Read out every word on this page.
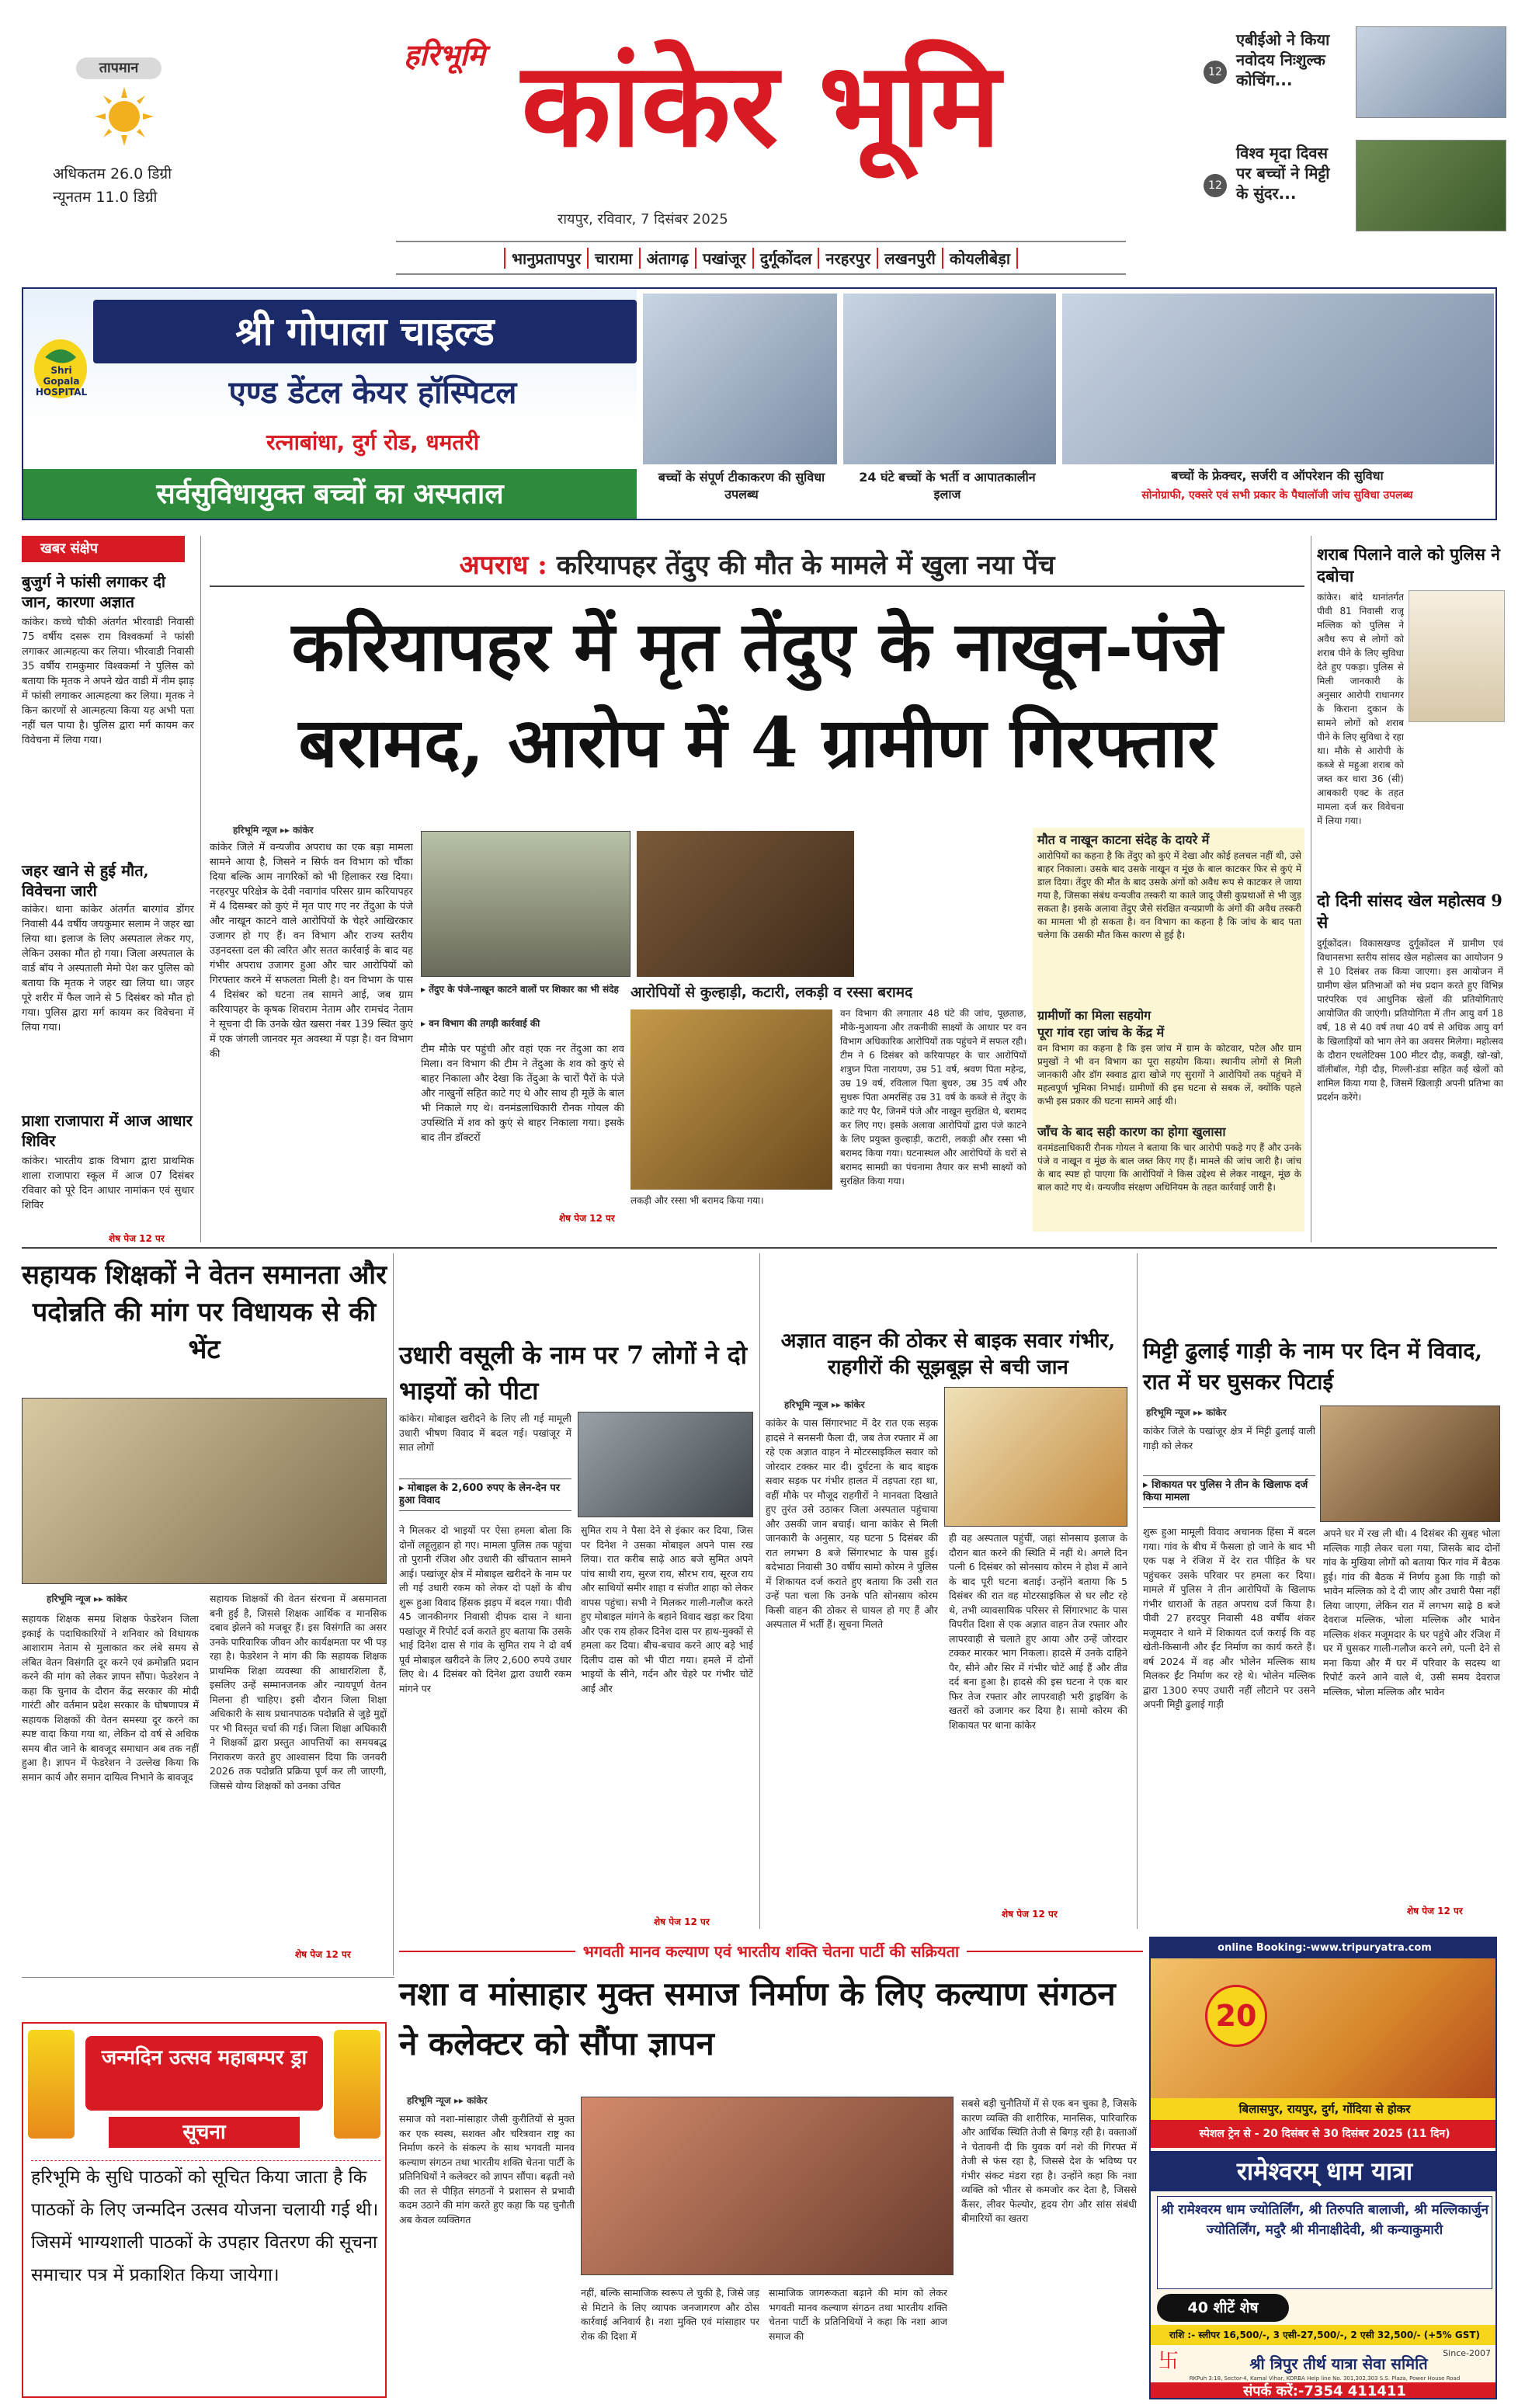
तापमान
अधिकतम 26.0 डिग्री
न्यूनतम 11.0 डिग्री
हरिभूमि कांकेर भूमि
रायपुर, रविवार, 7 दिसंबर 2025
12
एबीईओ ने किया नवोदय निःशुल्क कोचिंग...
12
विश्व मृदा दिवस पर बच्चों ने मिट्टी के सुंदर...
भानुप्रतापपुर चारामा अंतागढ़ पखांजूर दुर्गूकोंदल नरहरपुर लखनपुरी कोयलीबेड़ा
Shri Gopala HOSPITAL
श्री गोपाला चाइल्ड
एण्ड डेंटल केयर हॉस्पिटल
रत्नाबांधा, दुर्ग रोड, धमतरी
सर्वसुविधायुक्त बच्चों का अस्पताल
बच्चों के संपूर्ण टीकाकरण की सुविधा उपलब्ध
24 घंटे बच्चों के भर्ती व आपातकालीन इलाज
बच्चों के फ्रेक्चर, सर्जरी व ऑपरेशन की सुविधा
सोनोग्राफी, एक्सरे एवं सभी प्रकार के पैथालॉजी जांच सुविधा उपलब्ध
खबर संक्षेप
बुजुर्ग ने फांसी लगाकर दी जान, कारणा अज्ञात
कांकेर। कच्चे चौकी अंतर्गत भीरवाडी निवासी 75 वर्षीय दसरू राम विश्वकर्मा ने फांसी लगाकर आत्महत्या कर लिया। भीरवाडी निवासी 35 वर्षीय रामकुमार विश्वकर्मा ने पुलिस को बताया कि मृतक ने अपने खेत वाडी में नीम झाड़ में फांसी लगाकर आत्महत्या कर लिया। मृतक ने किन कारणों से आत्महत्या किया यह अभी पता नहीं चल पाया है। पुलिस द्वारा मर्ग कायम कर विवेचना में लिया गया।
जहर खाने से हुई मौत, विवेचना जारी
कांकेर। थाना कांकेर अंतर्गत बारगांव डोंगर निवासी 44 वर्षीय जयकुमार सलाम ने जहर खा लिया था। इलाज के लिए अस्पताल लेकर गए, लेकिन उसका मौत हो गया। जिला अस्पताल के वार्ड बॉय ने अस्पताली मेमो पेश कर पुलिस को बताया कि मृतक ने जहर खा लिया था। जहर पूरे शरीर में फैल जाने से 5 दिसंबर को मौत हो गया। पुलिस द्वारा मर्ग कायम कर विवेचना में लिया गया।
प्राशा राजापारा में आज आधार शिविर
कांकेर। भारतीय डाक विभाग द्वारा प्राथमिक शाला राजापारा स्कूल में आज 07 दिसंबर रविवार को पूरे दिन आधार नामांकन एवं सुधार शिविर
शेष पेज 12 पर
अपराध : करियापहर तेंदुए की मौत के मामले में खुला नया पेंच
करियापहर में मृत तेंदुए के नाखून-पंजे बरामद, आरोप में 4 ग्रामीण गिरफ्तार
हरिभूमि न्यूज ▸▸ कांकेर
कांकेर जिले में वन्यजीव अपराध का एक बड़ा मामला सामने आया है, जिसने न सिर्फ वन विभाग को चौंका दिया बल्कि आम नागरिकों को भी हिलाकर रख दिया। नरहरपुर परिक्षेत्र के देवी नवागांव परिसर ग्राम करियापहर में 4 दिसम्बर को कुएं में मृत पाए गए नर तेंदुआ के पंजे और नाखून काटने वाले आरोपियों के चेहरे आखिरकार उजागर हो गए हैं। वन विभाग और राज्य स्तरीय उड़नदस्ता दल की त्वरित और सतत कार्रवाई के बाद यह गंभीर अपराध उजागर हुआ और चार आरोपियों को गिरफ्तार करने में सफलता मिली है। वन विभाग के पास 4 दिसंबर को घटना तब सामने आई, जब ग्राम करियापहर के कृषक शिवराम नेताम और रामचंद नेताम ने सूचना दी कि उनके खेत खसरा नंबर 139 स्थित कुएं में एक जंगली जानवर मृत अवस्था में पड़ा है। वन विभाग की
▸ तेंदुए के पंजे-नाखून काटने वालों पर शिकार का भी संदेह
▸ वन विभाग की तगड़ी कार्रवाई की
टीम मौके पर पहुंची और वहां एक नर तेंदुआ का शव मिला। वन विभाग की टीम ने तेंदुआ के शव को कुएं से बाहर निकाला और देखा कि तेंदुआ के चारों पैरों के पंजे और नाखुनों सहित काटे गए थे और साथ ही मूछें के बाल भी निकाले गए थे। वनमंडलाधिकारी रौनक गोयल की उपस्थिति में शव को कुएं से बाहर निकाला गया। इसके बाद तीन डॉक्टरों
शेष पेज 12 पर
आरोपियों से कुल्हाड़ी, कटारी, लकड़ी व रस्सा बरामद
वन विभाग की लगातार 48 घंटे की जांच, पूछताछ, मौके-मुआयना और तकनीकी साक्ष्यों के आधार पर वन विभाग अधिकारिक आरोपियों तक पहुंचने में सफल रही। टीम ने 6 दिसंबर को करियापहर के चार आरोपियों शत्रुघ्न पिता नारायण, उम्र 51 वर्ष, श्रवण पिता महेन्द्र, उम्र 19 वर्ष, रविलाल पिता बुधरु, उम्र 35 वर्ष और सुधरू पिता अमरसिंह उम्र 31 वर्ष के कब्जे से तेंदुए के काटे गए पैर, जिनमें पंजे और नाखून सुरक्षित थे, बरामद कर लिए गए। इसके अलावा आरोपियों द्वारा पंजे काटने के लिए प्रयुक्त कुल्हाड़ी, कटारी, लकड़ी और रस्सा भी बरामद किया गया। घटनास्थल और आरोपियों के घरों से बरामद सामग्री का पंचनामा तैयार कर सभी साक्ष्यों को सुरक्षित किया गया।
लकड़ी और रस्सा भी बरामद किया गया।
मौत व नाखून काटना संदेह के दायरे में
आरोपियों का कहना है कि तेंदुए को कुएं में देखा और कोई हलचल नहीं थी, उसे बाहर निकाला। उसके बाद उसके नाखून व मूंछ के बाल काटकर फिर से कुएं में डाल दिया। तेंदुए की मौत के बाद उसके अंगों को अवैध रूप से काटकर ले जाया गया है, जिसका संबंध वन्यजीव तस्करी या काले जादू जैसी कुप्रथाओं से भी जुड़ सकता है। इसके अलावा तेंदुए जैसे संरक्षित वन्यप्राणी के अंगों की अवैध तस्करी का मामला भी हो सकता है। वन विभाग का कहना है कि जांच के बाद पता चलेगा कि उसकी मौत किस कारण से हुई है।
ग्रामीणों का मिला सहयोग
पूरा गांव रहा जांच के केंद्र में
वन विभाग का कहना है कि इस जांच में ग्राम के कोटवार, पटेल और ग्राम प्रमुखों ने भी वन विभाग का पूरा सहयोग किया। स्थानीय लोगों से मिली जानकारी और डॉग स्क्वाड द्वारा खोजे गए सुरागों ने आरोपियों तक पहुंचने में महत्वपूर्ण भूमिका निभाई। ग्रामीणों की इस घटना से सबक लें, क्योंकि पहले कभी इस प्रकार की घटना सामने आई थी।
जाँच के बाद सही कारण का होगा खुलासा
वनमंडलाधिकारी रौनक गोयल ने बताया कि चार आरोपी पकड़े गए हैं और उनके पंजे व नाखून व मूंछ के बाल जब्त किए गए हैं। मामले की जांच जारी है। जांच के बाद स्पष्ट हो पाएगा कि आरोपियों ने किस उद्देश्य से लेकर नाखून, मूंछ के बाल काटे गए थे। वन्यजीव संरक्षण अधिनियम के तहत कार्रवाई जारी है।
शराब पिलाने वाले को पुलिस ने दबोचा
कांकेर। बांदे थानांतर्गत पीवी 81 निवासी राजू मल्लिक को पुलिस ने अवैध रूप से लोगों को शराब पीने के लिए सुविधा देते हुए पकड़ा। पुलिस से मिली जानकारी के अनुसार आरोपी राधानगर के किराना दुकान के सामने लोगों को शराब पीने के लिए सुविधा दे रहा था। मौके से आरोपी के कब्जे से महुआ शराब को जब्त कर धारा 36 (सी) आबकारी एक्ट के तहत मामला दर्ज कर विवेचना में लिया गया।
दो दिनी सांसद खेल महोत्सव 9 से
दुर्गूकोंदल। विकासखण्ड दुर्गूकोंदल में ग्रामीण एवं विधानसभा स्तरीय सांसद खेल महोत्सव का आयोजन 9 से 10 दिसंबर तक किया जाएगा। इस आयोजन में ग्रामीण खेल प्रतिभाओं को मंच प्रदान करते हुए विभिन्न पारंपरिक एवं आधुनिक खेलों की प्रतियोगिताएं आयोजित की जाएंगी। प्रतियोगिता में तीन आयु वर्ग 18 वर्ष, 18 से 40 वर्ष तथा 40 वर्ष से अधिक आयु वर्ग के खिलाड़ियों को भाग लेने का अवसर मिलेगा। महोत्सव के दौरान एथलेटिक्स 100 मीटर दौड़, कबड्डी, खो-खो, वॉलीबॉल, गेड़ी दौड़, गिल्ली-डंडा सहित कई खेलों को शामिल किया गया है, जिसमें खिलाड़ी अपनी प्रतिभा का प्रदर्शन करेंगे।
सहायक शिक्षकों ने वेतन समानता और पदोन्नति की मांग पर विधायक से की भेंट
हरिभूमि न्यूज ▸▸ कांकेर
सहायक शिक्षक समग्र शिक्षक फेडरेशन जिला इकाई के पदाधिकारियों ने शनिवार को विधायक आशाराम नेताम से मुलाकात कर लंबे समय से लंबित वेतन विसंगति दूर करने एवं क्रमोन्नति प्रदान करने की मांग को लेकर ज्ञापन सौंपा। फेडरेशन ने कहा कि चुनाव के दौरान केंद्र सरकार की मोदी गारंटी और वर्तमान प्रदेश सरकार के घोषणापत्र में सहायक शिक्षकों की वेतन समस्या दूर करने का स्पष्ट वादा किया गया था, लेकिन दो वर्ष से अधिक समय बीत जाने के बावजूद समाधान अब तक नहीं हुआ है। ज्ञापन में फेडरेशन ने उल्लेख किया कि समान कार्य और समान दायित्व निभाने के बावजूद
सहायक शिक्षकों की वेतन संरचना में असमानता बनी हुई है, जिससे शिक्षक आर्थिक व मानसिक दबाव झेलने को मजबूर हैं। इस विसंगति का असर उनके पारिवारिक जीवन और कार्यक्षमता पर भी पड़ रहा है। फेडरेशन ने मांग की कि सहायक शिक्षक प्राथमिक शिक्षा व्यवस्था की आधारशिला हैं, इसलिए उन्हें सम्मानजनक और न्यायपूर्ण वेतन मिलना ही चाहिए। इसी दौरान जिला शिक्षा अधिकारी के साथ प्रधानपाठक पदोन्नति से जुड़े मुद्दों पर भी विस्तृत चर्चा की गई। जिला शिक्षा अधिकारी ने शिक्षकों द्वारा प्रस्तुत आपत्तियों का समयबद्ध निराकरण करते हुए आश्वासन दिया कि जनवरी 2026 तक पदोन्नति प्रक्रिया पूर्ण कर ली जाएगी, जिससे योग्य शिक्षकों को उनका उचित
शेष पेज 12 पर
उधारी वसूली के नाम पर 7 लोगों ने दो भाइयों को पीटा
कांकेर। मोबाइल खरीदने के लिए ली गई मामूली उधारी भीषण विवाद में बदल गई। पखांजूर में सात लोगों
▸ मोबाइल के 2,600 रुपए के लेन-देन पर हुआ विवाद
ने मिलकर दो भाइयों पर ऐसा हमला बोला कि दोनों लहूलुहान हो गए। मामला पुलिस तक पहुंचा तो पुरानी रंजिश और उधारी की खींचतान सामने आई। पखांजूर क्षेत्र में मोबाइल खरीदने के नाम पर ली गई उधारी रकम को लेकर दो पक्षों के बीच शुरू हुआ विवाद हिंसक झड़प में बदल गया। पीवी 45 जानकीनगर निवासी दीपक दास ने थाना पखांजूर में रिपोर्ट दर्ज कराते हुए बताया कि उसके भाई दिनेश दास से गांव के सुमित राय ने दो वर्ष पूर्व मोबाइल खरीदने के लिए 2,600 रुपये उधार लिए थे। 4 दिसंबर को दिनेश द्वारा उधारी रकम मांगने पर
सुमित राय ने पैसा देने से इंकार कर दिया, जिस पर दिनेश ने उसका मोबाइल अपने पास रख लिया। रात करीब साढ़े आठ बजे सुमित अपने पांच साथी राय, सुरज राय, सौरभ राय, सूरज राय और साथियों समीर शाहा व संजीत शाहा को लेकर वापस पहुंचा। सभी ने मिलकर गाली-गलौज करते हुए मोबाइल मांगने के बहाने विवाद खड़ा कर दिया और एक राय होकर दिनेश दास पर हाथ-मुक्कों से हमला कर दिया। बीच-बचाव करने आए बड़े भाई दिलीप दास को भी पीटा गया। हमले में दोनों भाइयों के सीने, गर्दन और चेहरे पर गंभीर चोटें आईं और
शेष पेज 12 पर
अज्ञात वाहन की ठोकर से बाइक सवार गंभीर, राहगीरों की सूझबूझ से बची जान
हरिभूमि न्यूज ▸▸ कांकेर
कांकेर के पास सिंगारभाट में देर रात एक सड़क हादसे ने सनसनी फैला दी, जब तेज रफ्तार में आ रहे एक अज्ञात वाहन ने मोटरसाइकिल सवार को जोरदार टक्कर मार दी। दुर्घटना के बाद बाइक सवार सड़क पर गंभीर हालत में तड़पता रहा था, वहीं मौके पर मौजूद राहगीरों ने मानवता दिखाते हुए तुरंत उसे उठाकर जिला अस्पताल पहुंचाया और उसकी जान बचाई। थाना कांकेर से मिली जानकारी के अनुसार, यह घटना 5 दिसंबर की रात लगभग 8 बजे सिंगारभाट के पास हुई। बदेभाठा निवासी 30 वर्षीय सामो कोरम ने पुलिस में शिकायत दर्ज कराते हुए बताया कि उसी रात उन्हें पता चला कि उनके पति सोनसाय कोरम किसी वाहन की ठोकर से घायल हो गए हैं और अस्पताल में भर्ती हैं। सूचना मिलते
ही वह अस्पताल पहुंचीं, जहां सोनसाय इलाज के दौरान बात करने की स्थिति में नहीं थे। अगले दिन पत्नी 6 दिसंबर को सोनसाय कोरम ने होश में आने के बाद पूरी घटना बताई। उन्होंने बताया कि 5 दिसंबर की रात वह मोटरसाइकिल से घर लौट रहे थे, तभी व्यावसायिक परिसर से सिंगारभाट के पास विपरीत दिशा से एक अज्ञात वाहन तेज रफ्तार और लापरवाही से चलाते हुए आया और उन्हें जोरदार टक्कर मारकर भाग निकला। हादसे में उनके दाहिने पैर, सीने और सिर में गंभीर चोटें आई हैं और तीव्र दर्द बना हुआ है। हादसे की इस घटना ने एक बार फिर तेज रफ्तार और लापरवाही भरी ड्राइविंग के खतरों को उजागर कर दिया है। सामो कोरम की शिकायत पर थाना कांकेर
शेष पेज 12 पर
मिट्टी ढुलाई गाड़ी के नाम पर दिन में विवाद, रात में घर घुसकर पिटाई
हरिभूमि न्यूज ▸▸ कांकेर
कांकेर जिले के पखांजूर क्षेत्र में मिट्टी ढुलाई वाली गाड़ी को लेकर
▸ शिकायत पर पुलिस ने तीन के खिलाफ दर्ज किया मामला
शुरू हुआ मामूली विवाद अचानक हिंसा में बदल गया। गांव के बीच में फैसला हो जाने के बाद भी एक पक्ष ने रंजिश में देर रात पीड़ित के घर पहुंचकर उसके परिवार पर हमला कर दिया। मामले में पुलिस ने तीन आरोपियों के खिलाफ गंभीर धाराओं के तहत अपराध दर्ज किया है। पीवी 27 हरदपुर निवासी 48 वर्षीय शंकर मजूमदार ने थाने में शिकायत दर्ज कराई कि वह खेती-किसानी और ईंट निर्माण का कार्य करते हैं। वर्ष 2024 में वह और भोलेन मल्लिक साथ मिलकर ईंट निर्माण कर रहे थे। भोलेन मल्लिक द्वारा 1300 रुपए उधारी नहीं लौटाने पर उसने अपनी मिट्टी ढुलाई गाड़ी
अपने घर में रख ली थी। 4 दिसंबर की सुबह भोला मल्लिक गाड़ी लेकर चला गया, जिसके बाद दोनों गांव के मुखिया लोगों को बताया फिर गांव में बैठक हुई। गांव की बैठक में निर्णय हुआ कि गाड़ी को भावेन मल्लिक को दे दी जाए और उधारी पैसा नहीं लिया जाएगा, लेकिन रात में लगभग साढ़े 8 बजे देवराज मल्लिक, भोला मल्लिक और भावेन मल्लिक शंकर मजूमदार के घर पहुंचे और रंजिश में घर में घुसकर गाली-गलौज करने लगे, पत्नी देने से मना किया और मैं घर में परिवार के सदस्य था रिपोर्ट करने आने वाले थे, उसी समय देवराज मल्लिक, भोला मल्लिक और भावेन
शेष पेज 12 पर
जन्मदिन उत्सव महाबम्पर ड्रा
सूचना
हरिभूमि के सुधि पाठकों को सूचित किया जाता है कि पाठकों के लिए जन्मदिन उत्सव योजना चलायी गई थी। जिसमें भाग्यशाली पाठकों के उपहार वितरण की सूचना समाचार पत्र में प्रकाशित किया जायेगा।
भगवती मानव कल्याण एवं भारतीय शक्ति चेतना पार्टी की सक्रियता
नशा व मांसाहार मुक्त समाज निर्माण के लिए कल्याण संगठन ने कलेक्टर को सौंपा ज्ञापन
हरिभूमि न्यूज ▸▸ कांकेर
समाज को नशा-मांसाहार जैसी कुरीतियों से मुक्त कर एक स्वस्थ, सशक्त और चरित्रवान राष्ट्र का निर्माण करने के संकल्प के साथ भगवती मानव कल्याण संगठन तथा भारतीय शक्ति चेतना पार्टी के प्रतिनिधियों ने कलेक्टर को ज्ञापन सौंपा। बढ़ती नशे की लत से पीड़ित संगठनों ने प्रशासन से प्रभावी कदम उठाने की मांग करते हुए कहा कि यह चुनौती अब केवल व्यक्तिगत
नहीं, बल्कि सामाजिक स्वरूप ले चुकी है, जिसे जड़ से मिटाने के लिए व्यापक जनजागरण और ठोस कार्रवाई अनिवार्य है। नशा मुक्ति एवं मांसाहार पर रोक की दिशा में
सामाजिक जागरूकता बढ़ाने की मांग को लेकर भगवती मानव कल्याण संगठन तथा भारतीय शक्ति चेतना पार्टी के प्रतिनिधियों ने कहा कि नशा आज समाज की
सबसे बड़ी चुनौतियों में से एक बन चुका है, जिसके कारण व्यक्ति की शारीरिक, मानसिक, पारिवारिक और आर्थिक स्थिति तेजी से बिगड़ रही है। वक्ताओं ने चेतावनी दी कि युवक वर्ग नशे की गिरफ्त में तेजी से फंस रहा है, जिससे देश के भविष्य पर गंभीर संकट मंडरा रहा है। उन्होंने कहा कि नशा व्यक्ति को भीतर से कमजोर कर देता है, जिससे कैंसर, लीवर फेल्योर, हृदय रोग और सांस संबंधी बीमारियों का खतरा
online Booking:-www.tripuryatra.com
20
बिलासपुर, रायपुर, दुर्ग, गोंदिया से होकर
स्पेशल ट्रेन से - 20 दिसंबर से 30 दिसंबर 2025 (11 दिन)
रामेश्वरम् धाम यात्रा
श्री रामेश्वरम धाम ज्योतिर्लिंग, श्री तिरुपति बालाजी, श्री मल्लिकार्जुन ज्योतिर्लिंग, मदुरै श्री मीनाक्षीदेवी, श्री कन्याकुमारी
40 शीटें शेष
राशि :- स्लीपर 16,500/-, 3 एसी-27,500/-, 2 एसी 32,500/- (+5% GST)
Since-2007
卐	श्री त्रिपुर तीर्थ यात्रा सेवा समिति
RKPuh 3:18, Sector-4, Kamal Vihar, KORBA Help line No. 301,302,303 S.S. Plaza, Power House Road
संपर्क करें:-7354 411411
